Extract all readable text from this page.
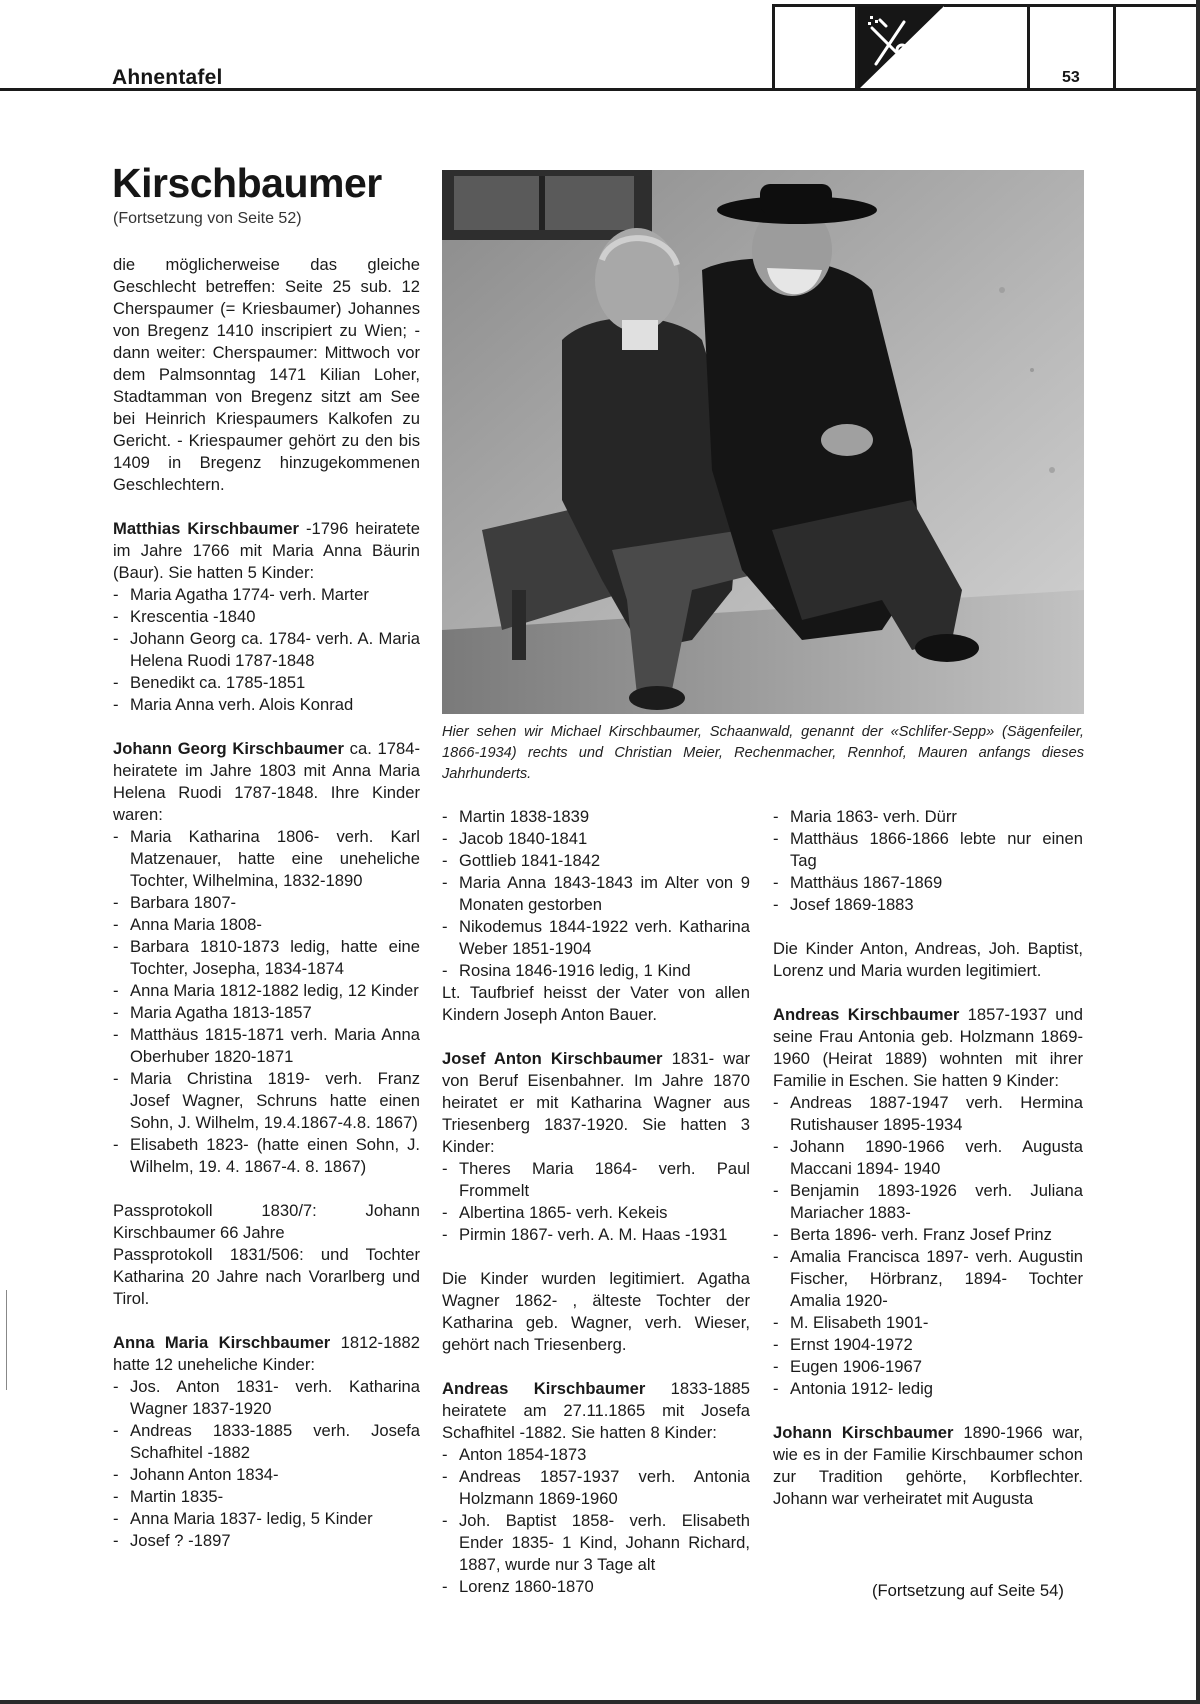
Ahnentafel	53
Kirschbaumer
(Fortsetzung von Seite 52)

die möglicherweise das gleiche Geschlecht betreffen: Seite 25 sub. 12 Cherspaumer (= Kriesbaumer) Johannes von Bregenz 1410 inscripiert zu Wien; - dann weiter: Cherspaumer: Mittwoch vor dem Palmsonntag 1471 Kilian Loher, Stadtamman von Bregenz sitzt am See bei Heinrich Kriespaumers Kalkofen zu Gericht. - Kriespaumer gehört zu den bis 1409 in Bregenz hinzugekommenen Geschlechtern.

Matthias Kirschbaumer -1796 heiratete im Jahre 1766 mit Maria Anna Bäurin (Baur). Sie hatten 5 Kinder:

- Maria Agatha 1774- verh. Marter
- Krescentia -1840
- Johann Georg ca. 1784- verh. A. Maria Helena Ruodi 1787-1848
- Benedikt ca. 1785-1851
- Maria Anna verh. Alois Konrad

Johann Georg Kirschbaumer ca. 1784- heiratete im Jahre 1803 mit Anna Maria Helena Ruodi 1787-1848. Ihre Kinder waren:

- Maria Katharina 1806- verh. Karl Matzenauer, hatte eine uneheliche Tochter, Wilhelmina, 1832-1890
- Barbara 1807-
- Anna Maria 1808-
- Barbara 1810-1873 ledig, hatte eine Tochter, Josepha, 1834-1874
- Anna Maria 1812-1882 ledig, 12 Kinder
- Maria Agatha 1813-1857
- Matthäus 1815-1871 verh. Maria Anna Oberhuber 1820-1871
- Maria Christina 1819- verh. Franz Josef Wagner, Schruns hatte einen Sohn, J. Wilhelm, 19.4.1867-4.8. 1867)
- Elisabeth 1823- (hatte einen Sohn, J. Wilhelm, 19. 4. 1867-4. 8. 1867)

Passprotokoll 1830/7: Johann Kirschbaumer 66 Jahre

Passprotokoll 1831/506: und Tochter Katharina 20 Jahre nach Vorarlberg und Tirol.

Anna Maria Kirschbaumer 1812-1882 hatte 12 uneheliche Kinder:

- Jos. Anton 1831- verh. Katharina Wagner 1837-1920
- Andreas 1833-1885 verh. Josefa Schafhitel -1882
- Johann Anton 1834-
- Martin 1835-
- Anna Maria 1837- ledig, 5 Kinder
- Josef ? -1897
Hier sehen wir Michael Kirschbaumer, Schaanwald, genannt der «Schlifer-Sepp» (Sägenfeiler, 1866-1934) rechts und Christian Meier, Rechenmacher, Rennhof, Mauren anfangs dieses Jahrhunderts.
- Martin 1838-1839
- Jacob 1840-1841
- Gottlieb 1841-1842
- Maria Anna 1843-1843 im Alter von 9 Monaten gestorben
- Nikodemus 1844-1922 verh. Katharina Weber 1851-1904
- Rosina 1846-1916 ledig, 1 Kind

Lt. Taufbrief heisst der Vater von allen Kindern Joseph Anton Bauer.

Josef Anton Kirschbaumer 1831- war von Beruf Eisenbahner. Im Jahre 1870 heiratet er mit Katharina Wagner aus Triesenberg 1837-1920. Sie hatten 3 Kinder:

- Theres Maria 1864- verh. Paul Frommelt
- Albertina 1865- verh. Kekeis
- Pirmin 1867- verh. A. M. Haas -1931

Die Kinder wurden legitimiert. Agatha Wagner 1862- , älteste Tochter der Katharina geb. Wagner, verh. Wieser, gehört nach Triesenberg.

Andreas Kirschbaumer 1833-1885 heiratete am 27.11.1865 mit Josefa Schafhitel -1882. Sie hatten 8 Kinder:

- Anton 1854-1873
- Andreas 1857-1937 verh. Antonia Holzmann 1869-1960
- Joh. Baptist 1858- verh. Elisabeth Ender 1835- 1 Kind, Johann Richard, 1887, wurde nur 3 Tage alt
- Lorenz 1860-1870
- Maria 1863- verh. Dürr
- Matthäus 1866-1866 lebte nur einen Tag
- Matthäus 1867-1869
- Josef 1869-1883

Die Kinder Anton, Andreas, Joh. Baptist, Lorenz und Maria wurden legitimiert.

Andreas Kirschbaumer 1857-1937 und seine Frau Antonia geb. Holzmann 1869-1960 (Heirat 1889) wohnten mit ihrer Familie in Eschen. Sie hatten 9 Kinder:

- Andreas 1887-1947 verh. Hermina Rutishauser 1895-1934
- Johann 1890-1966 verh. Augusta Maccani 1894- 1940
- Benjamin 1893-1926 verh. Juliana Mariacher 1883-
- Berta 1896- verh. Franz Josef Prinz
- Amalia Francisca 1897- verh. Augustin Fischer, Hörbranz, 1894- Tochter Amalia 1920-
- M. Elisabeth 1901-
- Ernst 1904-1972
- Eugen 1906-1967
- Antonia 1912- ledig

Johann Kirschbaumer 1890-1966 war, wie es in der Familie Kirschbaumer schon zur Tradition gehörte, Korbflechter. Johann war verheiratet mit Augusta

(Fortsetzung auf Seite 54)
